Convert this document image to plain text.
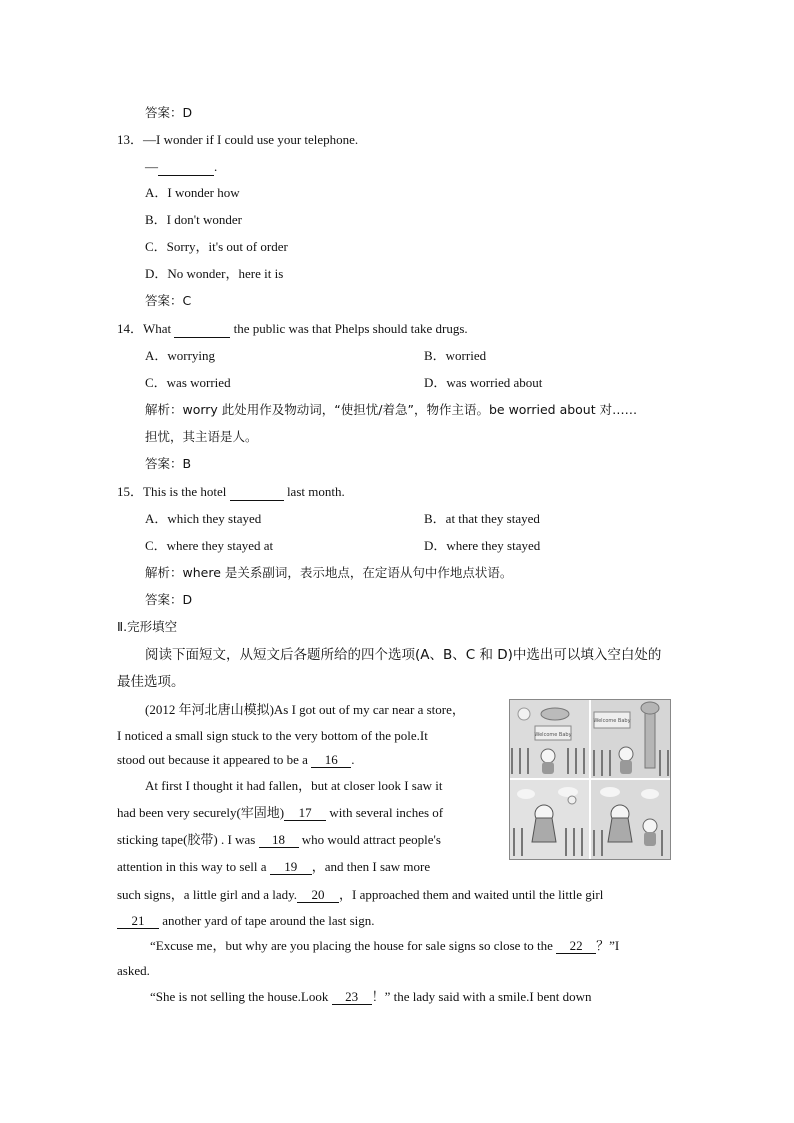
答案：D
13．—I wonder if I could use your telephone.
—	.
A．I wonder how
B．I don't wonder
C．Sorry，it's out of order
D．No wonder，here it is
答案：C
14．What	the public was that Phelps should take drugs.
A．worrying	B．worried
C．was worried	D．was worried about
解析：worry 此处用作及物动词，“使担忧/着急”，物作主语。be worried about 对……
担忧，其主语是人。
答案：B
15．This is the hotel	last month.
A．which they stayed	B．at that they stayed
C．where they stayed at	D．where they stayed
解析：where 是关系副词，表示地点，在定语从句中作地点状语。
答案：D
Ⅱ.完形填空
阅读下面短文，从短文后各题所给的四个选项(A、B、C 和 D)中选出可以填入空白处的
最佳选项。
(2012 年河北唐山模拟)As I got out of my car near a store，
I noticed a small sign stuck to the very bottom of the pole.It
stood out because it appeared to be a 16 .
At first I thought it had fallen，but at closer look I saw it
had been very securely(牢固地) 17 with several inches of
sticking tape(胶带) . I was 18 who would attract people's
attention in this way to sell a 19 ，and then I saw more
such signs，a little girl and a lady. 20 ，I approached them and waited until the little girl
21 another yard of tape around the last sign.
“Excuse me，but why are you placing the house for sale signs so close to the 22 ？”I
asked.
“She is not selling the house.Look 23 ！” the lady said with a smile.I bent down
Welcome Baby
Welcome Baby
